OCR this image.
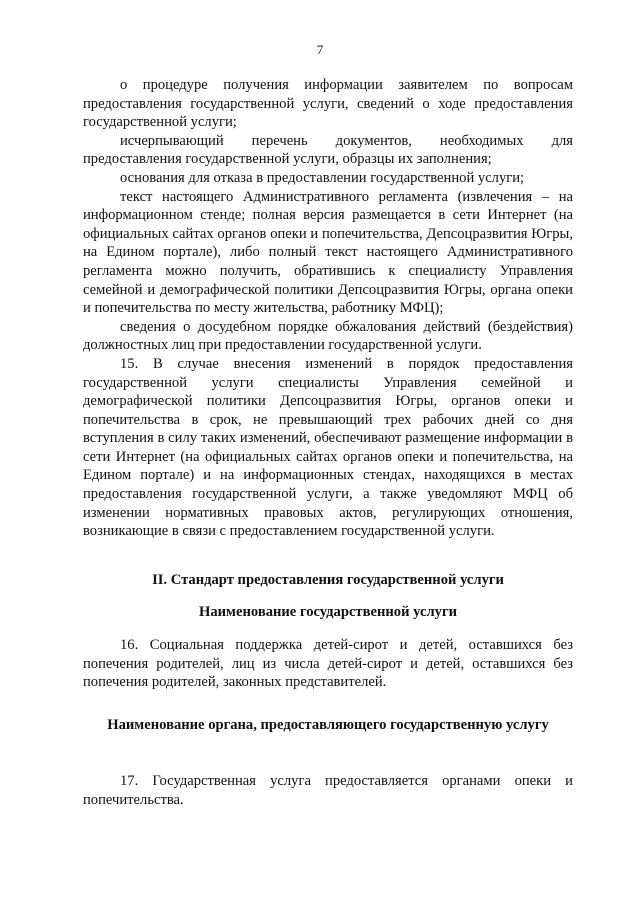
7

о процедуре получения информации заявителем по вопросам предоставления государственной услуги, сведений о ходе предоставления государственной услуги;

исчерпывающий перечень документов, необходимых для предоставления государственной услуги, образцы их заполнения;

основания для отказа в предоставлении государственной услуги;

текст настоящего Административного регламента (извлечения – на информационном стенде; полная версия размещается в сети Интернет (на официальных сайтах органов опеки и попечительства, Депсоцразвития Югры, на Едином портале), либо полный текст настоящего Административного регламента можно получить, обратившись к специалисту Управления семейной и демографической политики Депсоцразвития Югры, органа опеки и попечительства по месту жительства, работнику МФЦ);

сведения о досудебном порядке обжалования действий (бездействия) должностных лиц при предоставлении государственной услуги.

15. В случае внесения изменений в порядок предоставления государственной услуги специалисты Управления семейной и демографической политики Депсоцразвития Югры, органов опеки и попечительства в срок, не превышающий трех рабочих дней со дня вступления в силу таких изменений, обеспечивают размещение информации в сети Интернет (на официальных сайтах органов опеки и попечительства, на Едином портале) и на информационных стендах, находящихся в местах предоставления государственной услуги, а также уведомляют МФЦ об изменении нормативных правовых актов, регулирующих отношения, возникающие в связи с предоставлением государственной услуги.

II. Стандарт предоставления государственной услуги
Наименование государственной услуги

16. Социальная поддержка детей-сирот и детей, оставшихся без попечения родителей, лиц из числа детей-сирот и детей, оставшихся без попечения родителей, законных представителей.

Наименование органа, предоставляющего государственную услугу

17. Государственная услуга предоставляется органами опеки и попечительства.
